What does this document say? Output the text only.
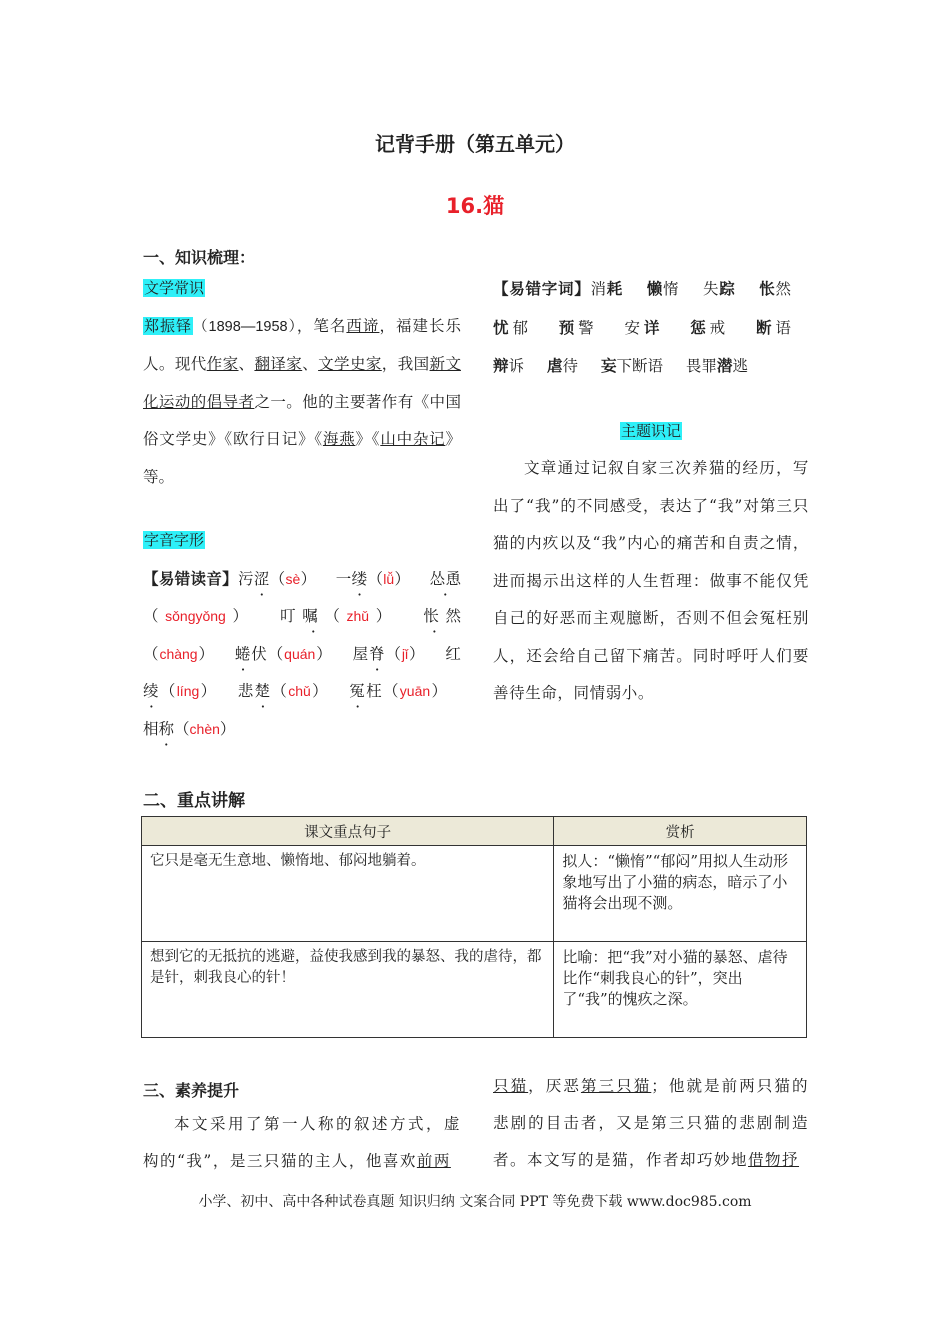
记背手册（第五单元）
16.猫
一、知识梳理：
文学常识
郑振铎（1898—1958），笔名西谛，福建长乐人。现代作家、翻译家、文学史家，我国新文化运动的倡导者之一。他的主要著作有《中国俗文学史》《欧行日记》《海燕》《山中杂记》等。
字音字形
【易错读音】污涩（sè） 一缕（lǚ） 怂恿（sǒngyǒng） 叮嘱（zhǔ） 怅然（chàng） 蜷伏（quán） 屋脊（jǐ） 红绫（líng） 悲楚（chǔ） 冤枉（yuān） 相称（chèn）
【易错字词】消耗 懒惰 失踪 怅然 忧郁 预警 安详 惩戒 断语 辩诉 虐待 妄下断语 畏罪潜逃
主题识记
文章通过记叙自家三次养猫的经历，写出了“我”的不同感受，表达了“我”对第三只猫的内疚以及“我”内心的痛苦和自责之情，进而揭示出这样的人生哲理：做事不能仅凭自己的好恶而主观臆断，否则不但会冤枉别人，还会给自己留下痛苦。同时呼吁人们要善待生命，同情弱小。
二、重点讲解
课文重点句子	赏析
它只是毫无生意地、懒惰地、郁闷地躺着。	拟人：“懒惰”“郁闷”用拟人生动形象地写出了小猫的病态，暗示了小猫将会出现不测。
想到它的无抵抗的逃避，益使我感到我的暴怒、我的虐待，都是针，刺我良心的针！	比喻：把“我”对小猫的暴怒、虐待比作“刺我良心的针”，突出了“我”的愧疚之深。
三、素养提升
本文采用了第一人称的叙述方式，虚构的“我”，是三只猫的主人，他喜欢前两
只猫，厌恶第三只猫；他就是前两只猫的悲剧的目击者，又是第三只猫的悲剧制造者。本文写的是猫，作者却巧妙地借物抒
小学、初中、高中各种试卷真题 知识归纳 文案合同 PPT 等免费下载 www.doc985.com
